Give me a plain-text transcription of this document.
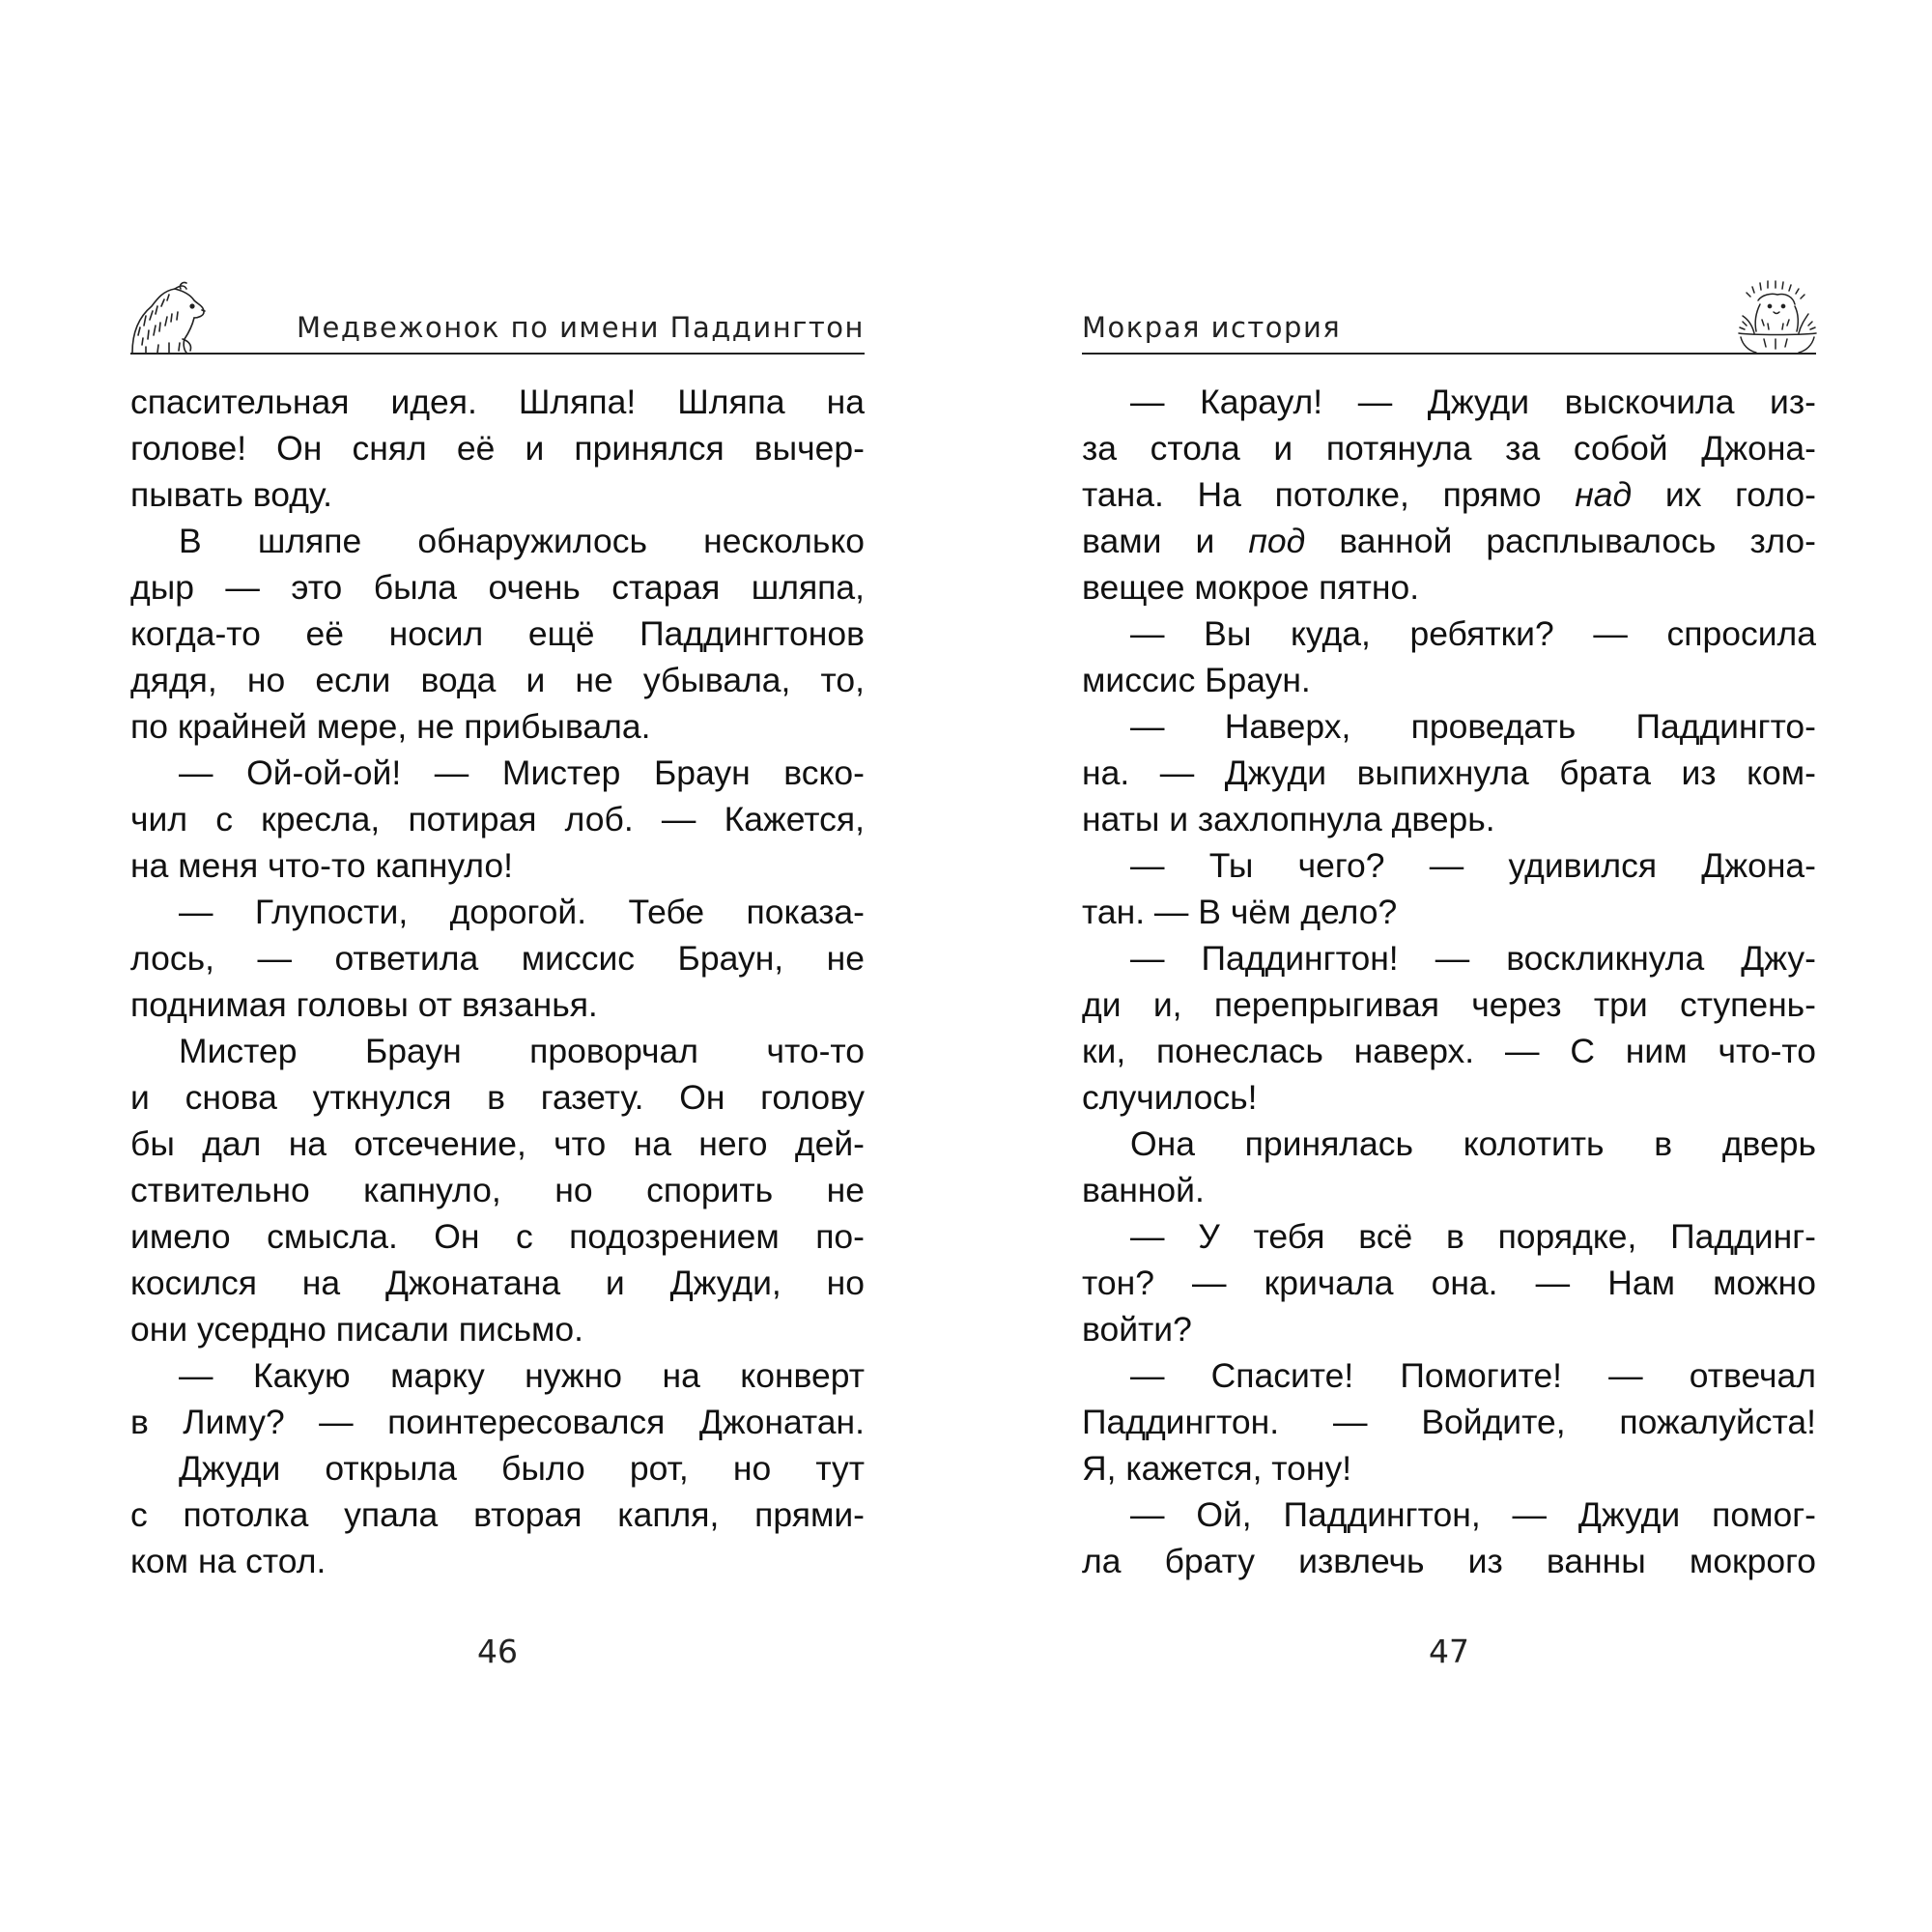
Медвежонок по имени Паддингтон
спасительная идея. Шляпа! Шляпа на
голове! Он снял её и принялся вычер-
пывать воду.
В шляпе обнаружилось несколько
дыр — это была очень старая шляпа,
когда-то её носил ещё Паддингтонов
дядя, но если вода и не убывала, то,
по крайней мере, не прибывала.
— Ой-ой-ой! — Мистер Браун вско-
чил с кресла, потирая лоб. — Кажется,
на меня что-то капнуло!
— Глупости, дорогой. Тебе показа-
лось, — ответила миссис Браун, не
поднимая головы от вязанья.
Мистер Браун проворчал что-то
и снова уткнулся в газету. Он голову
бы дал на отсечение, что на него дей-
ствительно капнуло, но спорить не
имело смысла. Он с подозрением по-
косился на Джонатана и Джуди, но
они усердно писали письмо.
— Какую марку нужно на конверт
в Лиму? — поинтересовался Джонатан.
Джуди открыла было рот, но тут
с потолка упала вторая капля, прями-
ком на стол.
46
Мокрая история
— Караул! — Джуди выскочила из-
за стола и потянула за собой Джона-
тана. На потолке, прямо над их голо-
вами и под ванной расплывалось зло-
вещее мокрое пятно.
— Вы куда, ребятки? — спросила
миссис Браун.
— Наверх, проведать Паддингто-
на. — Джуди выпихнула брата из ком-
наты и захлопнула дверь.
— Ты чего? — удивился Джона-
тан. — В чём дело?
— Паддингтон! — воскликнула Джу-
ди и, перепрыгивая через три ступень-
ки, понеслась наверх. — С ним что-то
случилось!
Она принялась колотить в дверь
ванной.
— У тебя всё в порядке, Паддинг-
тон? — кричала она. — Нам можно
войти?
— Спасите! Помогите! — отвечал
Паддингтон. — Войдите, пожалуйста!
Я, кажется, тону!
— Ой, Паддингтон, — Джуди помог-
ла брату извлечь из ванны мокрого
47
